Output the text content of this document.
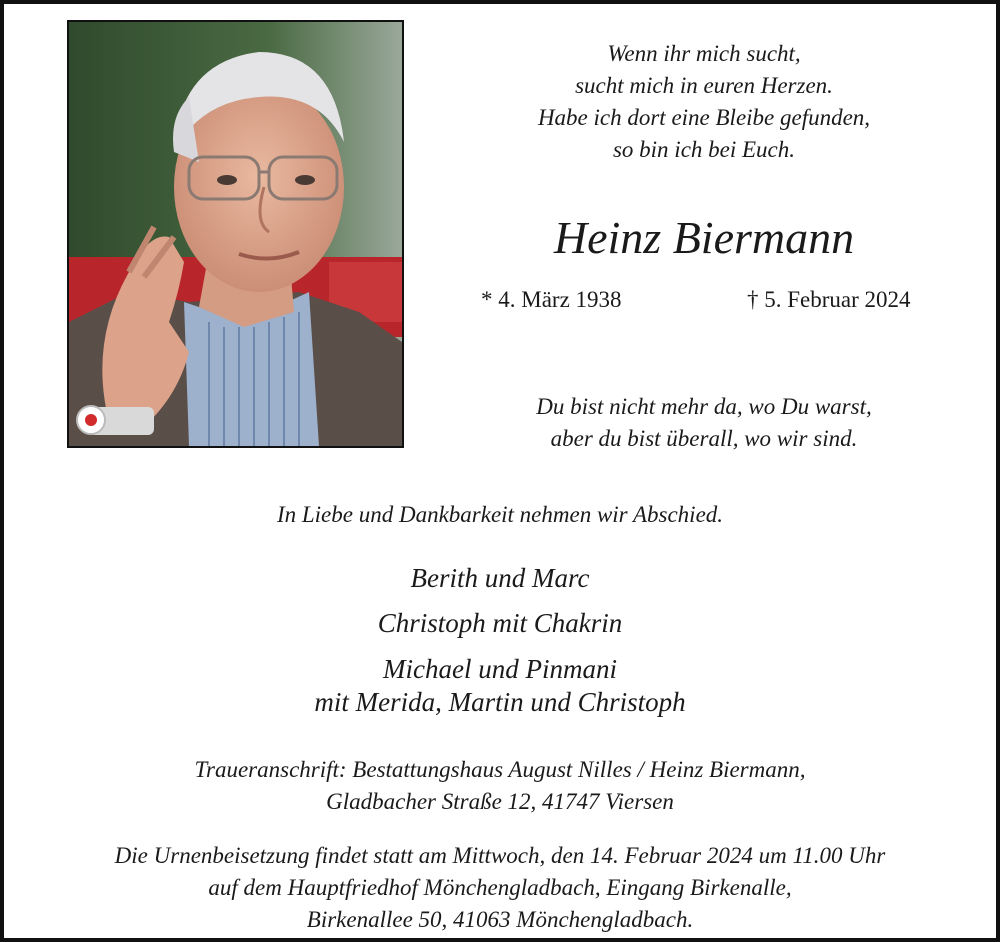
Wenn ihr mich sucht,
sucht mich in euren Herzen.
Habe ich dort eine Bleibe gefunden,
so bin ich bei Euch.
Heinz Biermann
* 4. März 1938	† 5. Februar 2024
Du bist nicht mehr da, wo Du warst,
aber du bist überall, wo wir sind.
In Liebe und Dankbarkeit nehmen wir Abschied.
Berith und Marc
Christoph mit Chakrin
Michael und Pinmani
mit Merida, Martin und Christoph
Traueranschrift: Bestattungshaus August Nilles / Heinz Biermann,
Gladbacher Straße 12, 41747 Viersen
Die Urnenbeisetzung findet statt am Mittwoch, den 14. Februar 2024 um 11.00 Uhr
auf dem Hauptfriedhof Mönchengladbach, Eingang Birkenalle,
Birkenallee 50, 41063 Mönchengladbach.
